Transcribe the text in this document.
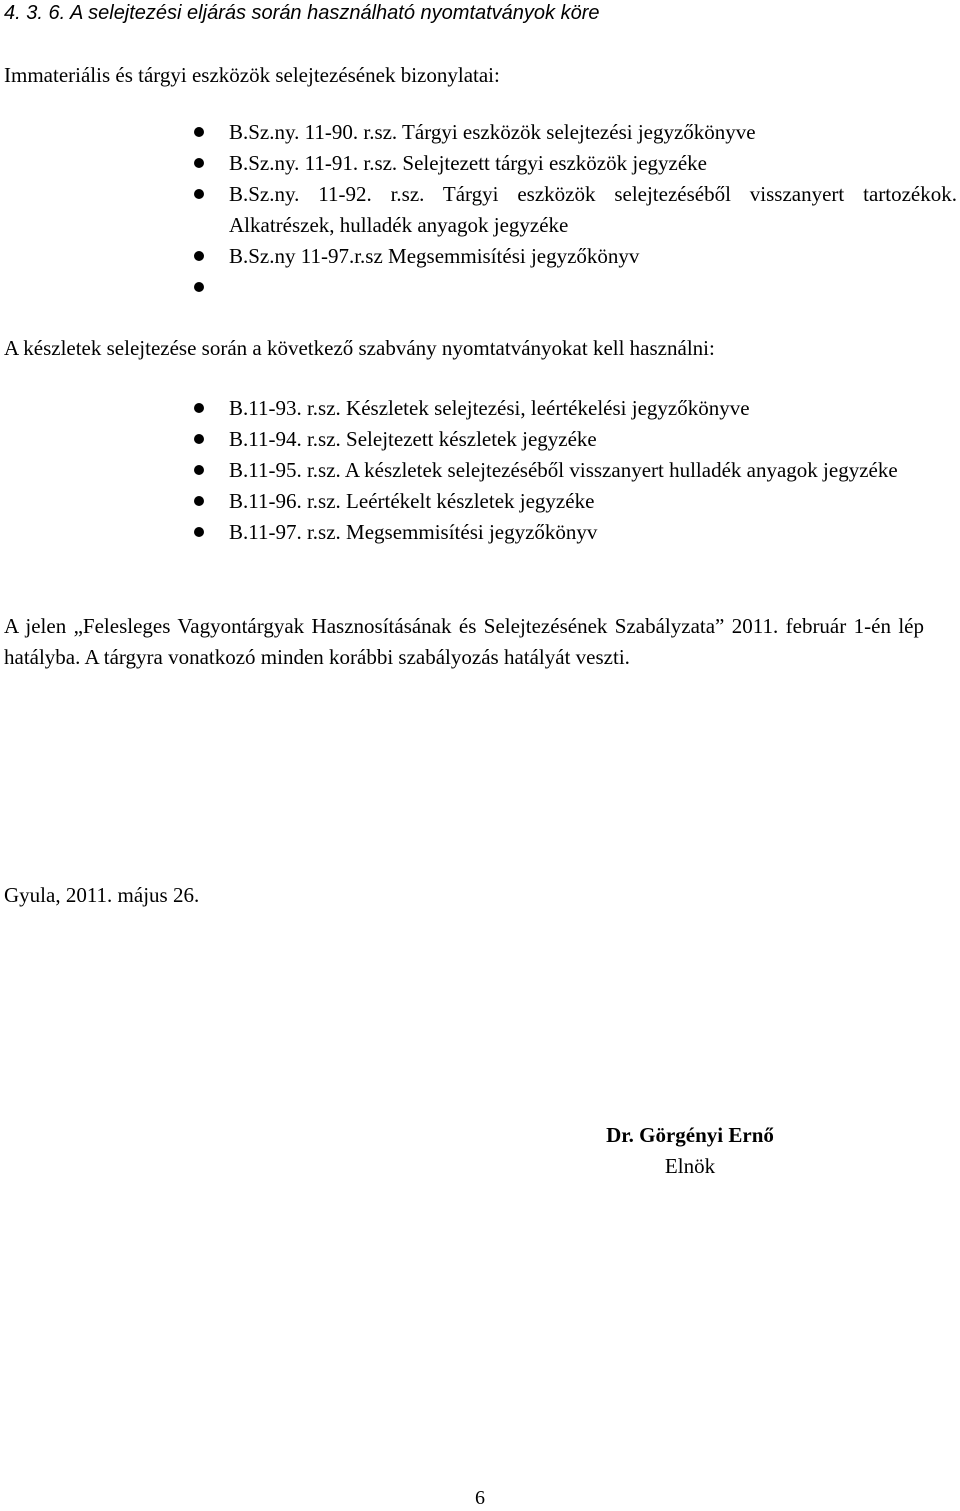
4. 3. 6. A selejtezési eljárás során használható nyomtatványok köre
Immateriális és tárgyi eszközök selejtezésének bizonylatai:
B.Sz.ny. 11-90. r.sz. Tárgyi eszközök selejtezési jegyzőkönyve
B.Sz.ny. 11-91. r.sz. Selejtezett tárgyi eszközök jegyzéke
B.Sz.ny. 11-92. r.sz. Tárgyi eszközök selejtezéséből visszanyert tartozékok. Alkatrészek, hulladék anyagok jegyzéke
B.Sz.ny 11-97.r.sz Megsemmisítési jegyzőkönyv
A készletek selejtezése során a következő szabvány nyomtatványokat kell használni:
B.11-93. r.sz. Készletek selejtezési, leértékelési jegyzőkönyve
B.11-94. r.sz. Selejtezett készletek jegyzéke
B.11-95. r.sz. A készletek selejtezéséből visszanyert hulladék anyagok jegyzéke
B.11-96. r.sz. Leértékelt készletek jegyzéke
B.11-97. r.sz. Megsemmisítési jegyzőkönyv

A jelen „Felesleges Vagyontárgyak Hasznosításának és Selejtezésének Szabályzata” 2011. február 1-én lép hatályba. A tárgyra vonatkozó minden korábbi szabályozás hatályát veszti.

Gyula, 2011. május 26.
Dr. Görgényi Ernő
Elnök
6
